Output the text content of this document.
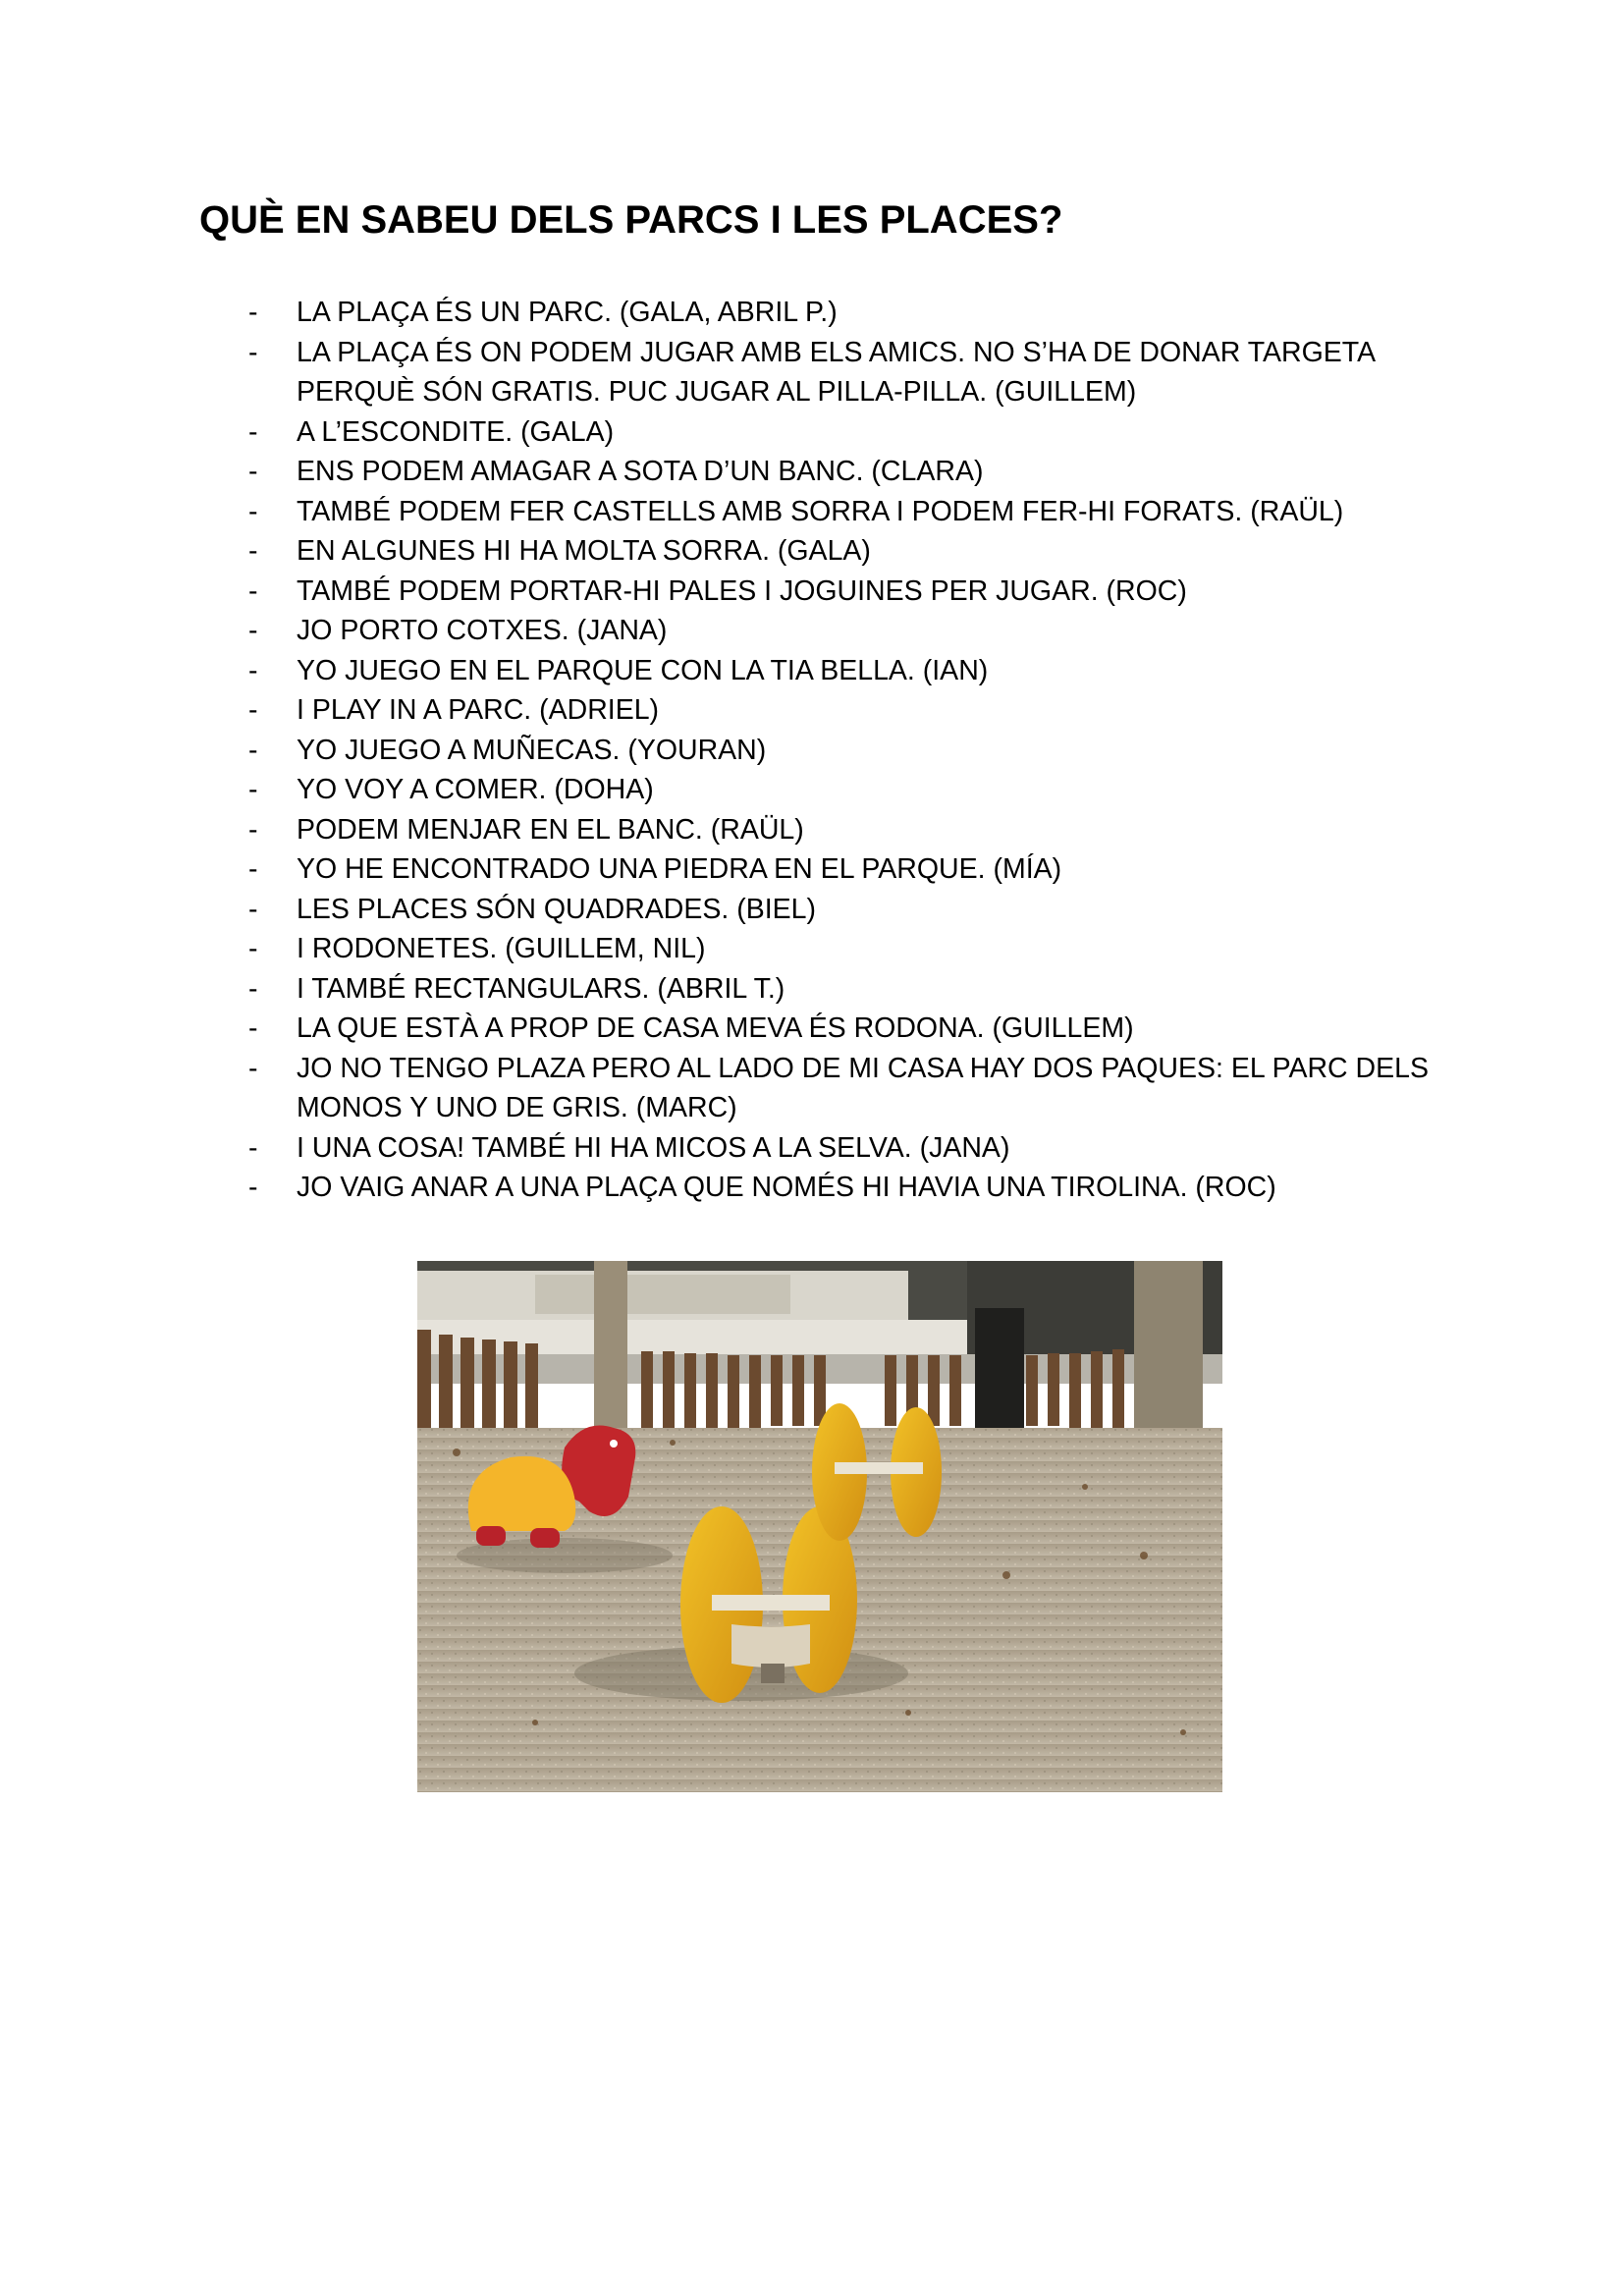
QUÈ EN SABEU DELS PARCS I LES PLACES?
- LA PLAÇA ÉS UN PARC. (GALA, ABRIL P.)
- LA PLAÇA ÉS ON PODEM JUGAR AMB ELS AMICS. NO S’HA DE DONAR TARGETA PERQUÈ SÓN GRATIS. PUC JUGAR AL PILLA-PILLA. (GUILLEM)
- A L’ESCONDITE. (GALA)
- ENS PODEM AMAGAR A SOTA D’UN BANC. (CLARA)
- TAMBÉ PODEM FER CASTELLS AMB SORRA I PODEM FER-HI FORATS. (RAÜL)
- EN ALGUNES HI HA MOLTA SORRA. (GALA)
- TAMBÉ PODEM PORTAR-HI PALES I JOGUINES PER JUGAR. (ROC)
- JO PORTO COTXES. (JANA)
- YO JUEGO EN EL PARQUE CON LA TIA BELLA. (IAN)
- I PLAY IN A PARC. (ADRIEL)
- YO JUEGO A MUÑECAS. (YOURAN)
- YO VOY A COMER. (DOHA)
- PODEM MENJAR EN EL BANC. (RAÜL)
- YO HE ENCONTRADO UNA PIEDRA EN EL PARQUE. (MÍA)
- LES PLACES SÓN QUADRADES. (BIEL)
- I RODONETES. (GUILLEM, NIL)
- I TAMBÉ RECTANGULARS. (ABRIL T.)
- LA QUE ESTÀ A PROP DE CASA MEVA ÉS RODONA. (GUILLEM)
- JO NO TENGO PLAZA PERO AL LADO DE MI CASA HAY DOS PAQUES: EL PARC DELS MONOS Y UNO DE GRIS. (MARC)
- I UNA COSA! TAMBÉ HI HA MICOS A LA SELVA. (JANA)
- JO VAIG ANAR A UNA PLAÇA QUE NOMÉS HI HAVIA UNA TIROLINA. (ROC)
